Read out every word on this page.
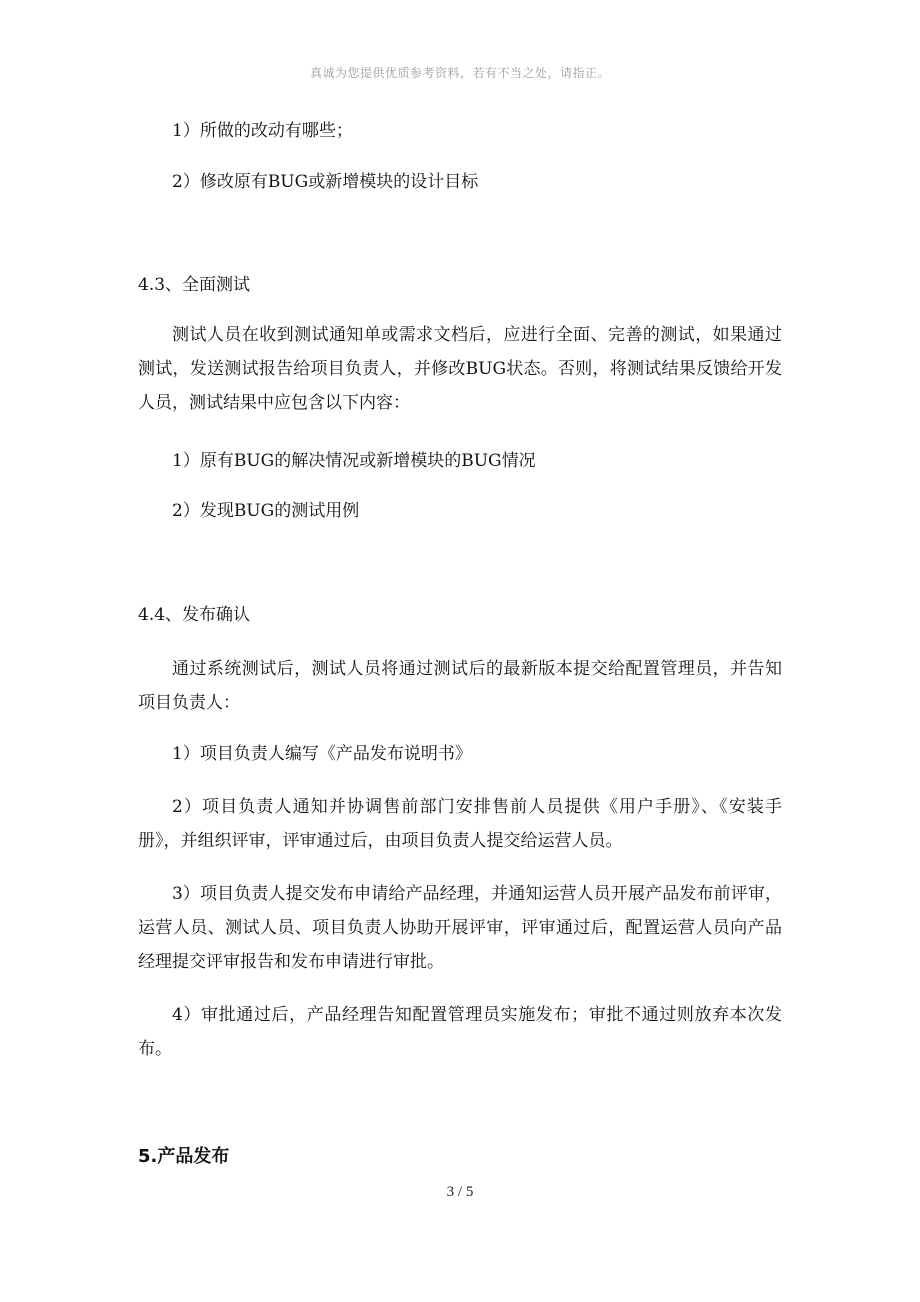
真诚为您提供优质参考资料，若有不当之处，请指正。

1）所做的改动有哪些；

2）修改原有BUG或新增模块的设计目标

4.3、全面测试

测试人员在收到测试通知单或需求文档后，应进行全面、完善的测试，如果通过测试，发送测试报告给项目负责人，并修改BUG状态。否则，将测试结果反馈给开发人员，测试结果中应包含以下内容：

1）原有BUG的解决情况或新增模块的BUG情况

2）发现BUG的测试用例

4.4、发布确认

通过系统测试后，测试人员将通过测试后的最新版本提交给配置管理员，并告知项目负责人：

1）项目负责人编写《产品发布说明书》

2）项目负责人通知并协调售前部门安排售前人员提供《用户手册》、《安装手册》，并组织评审，评审通过后，由项目负责人提交给运营人员。

3）项目负责人提交发布申请给产品经理，并通知运营人员开展产品发布前评审，运营人员、测试人员、项目负责人协助开展评审，评审通过后，配置运营人员向产品经理提交评审报告和发布申请进行审批。

4）审批通过后，产品经理告知配置管理员实施发布；审批不通过则放弃本次发布。

5.产品发布
3 / 5
